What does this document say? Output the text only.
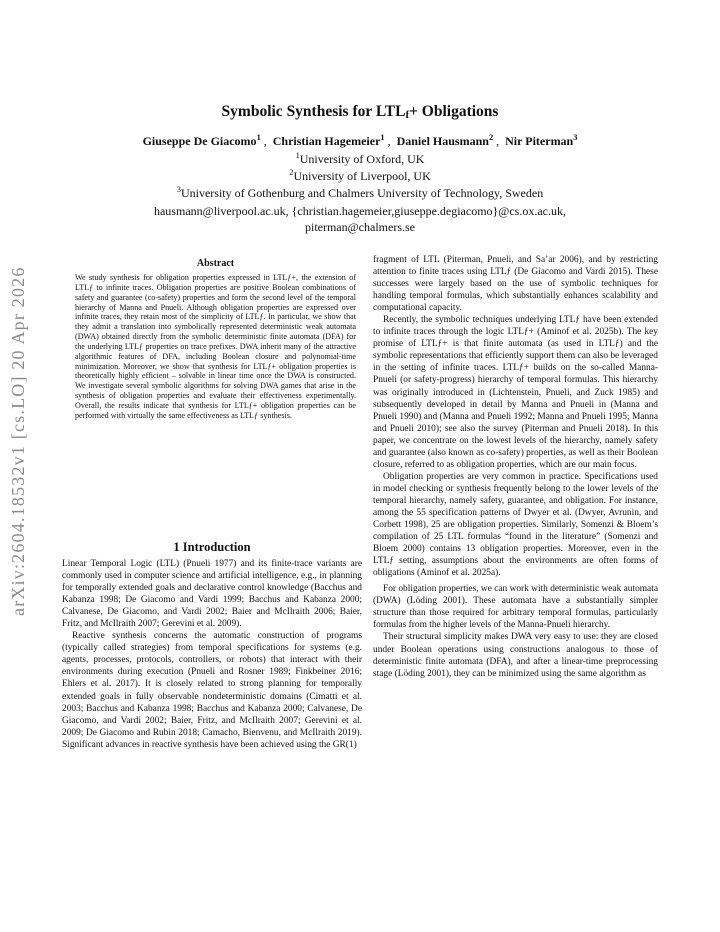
arXiv:2604.18532v1 [cs.LO] 20 Apr 2026
Symbolic Synthesis for $LTL_f+$ Obligations
Giuseppe De Giacomo$^1$ ,  Christian Hagemeier$^1$ ,  Daniel Hausmann$^2$ ,  Nir Piterman$^3$
$^1$University of Oxford, UK
$^2$University of Liverpool, UK
$^3$University of Gothenburg and Chalmers University of Technology, Sweden
hausmann@liverpool.ac.uk, {christian.hagemeier,giuseppe.degiacomo}@cs.ox.ac.uk,
piterman@chalmers.se
Abstract
We study synthesis for obligation properties expressed in LTLƒ+, the extension of LTLƒ to infinite traces. Obligation properties are positive Boolean combinations of safety and guarantee (co-safety) properties and form the second level of the temporal hierarchy of Manna and Pnueli. Although obligation properties are expressed over infinite traces, they retain most of the simplicity of LTLƒ. In particular, we show that they admit a translation into symbolically represented deterministic weak automata (DWA) obtained directly from the symbolic deterministic finite automata (DFA) for the underlying LTLƒ properties on trace prefixes. DWA inherit many of the attractive algorithmic features of DFA, including Boolean closure and polynomial-time minimization. Moreover, we show that synthesis for LTLƒ+ obligation properties is theoretically highly efficient – solvable in linear time once the DWA is constructed. We investigate several symbolic algorithms for solving DWA games that arise in the synthesis of obligation properties and evaluate their effectiveness experimentally. Overall, the results indicate that synthesis for LTLƒ+ obligation properties can be performed with virtually the same effectiveness as LTLƒ synthesis.
1 Introduction

Linear Temporal Logic (LTL) (Pnueli 1977) and its finite-trace variants are commonly used in computer science and artificial intelligence, e.g., in planning for temporally extended goals and declarative control knowledge (Bacchus and Kabanza 1998; De Giacomo and Vardi 1999; Bacchus and Kabanza 2000; Calvanese, De Giacomo, and Vardi 2002; Baier and McIlraith 2006; Baier, Fritz, and McIlraith 2007; Gerevini et al. 2009).

Reactive synthesis concerns the automatic construction of programs (typically called strategies) from temporal specifications for systems (e.g. agents, processes, protocols, controllers, or robots) that interact with their environments during execution (Pnueli and Rosner 1989; Finkbeiner 2016; Ehlers et al. 2017). It is closely related to strong planning for temporally extended goals in fully observable nondeterministic domains (Cimatti et al. 2003; Bacchus and Kabanza 1998; Bacchus and Kabanza 2000; Calvanese, De Giacomo, and Vardi 2002; Baier, Fritz, and McIlraith 2007; Gerevini et al. 2009; De Giacomo and Rubin 2018; Camacho, Bienvenu, and McIlraith 2019). Significant advances in reactive synthesis have been achieved using the GR(1)

fragment of LTL (Piterman, Pnueli, and Sa’ar 2006), and by restricting attention to finite traces using LTLƒ (De Giacomo and Vardi 2015). These successes were largely based on the use of symbolic techniques for handling temporal formulas, which substantially enhances scalability and computational capacity.

Recently, the symbolic techniques underlying LTLƒ have been extended to infinite traces through the logic LTLƒ+ (Aminof et al. 2025b). The key promise of LTLƒ+ is that finite automata (as used in LTLƒ) and the symbolic representations that efficiently support them can also be leveraged in the setting of infinite traces. LTLƒ+ builds on the so-called Manna-Pnueli (or safety-progress) hierarchy of temporal formulas. This hierarchy was originally introduced in (Lichtenstein, Pnueli, and Zuck 1985) and subsequently developed in detail by Manna and Pnueli in (Manna and Pnueli 1990) and (Manna and Pnueli 1992; Manna and Pnueli 1995; Manna and Pnueli 2010); see also the survey (Piterman and Pnueli 2018). In this paper, we concentrate on the lowest levels of the hierarchy, namely safety and guarantee (also known as co-safety) properties, as well as their Boolean closure, referred to as obligation properties, which are our main focus.

Obligation properties are very common in practice. Specifications used in model checking or synthesis frequently belong to the lower levels of the temporal hierarchy, namely safety, guarantee, and obligation. For instance, among the 55 specification patterns of Dwyer et al. (Dwyer, Avrunin, and Corbett 1998), 25 are obligation properties. Similarly, Somenzi & Bloem’s compilation of 25 LTL formulas “found in the literature” (Somenzi and Bloem 2000) contains 13 obligation properties. Moreover, even in the LTLƒ setting, assumptions about the environments are often forms of obligations (Aminof et al. 2025a).

For obligation properties, we can work with deterministic weak automata (DWA) (Löding 2001). These automata have a substantially simpler structure than those required for arbitrary temporal formulas, particularly formulas from the higher levels of the Manna-Pnueli hierarchy.

Their structural simplicity makes DWA very easy to use: they are closed under Boolean operations using constructions analogous to those of deterministic finite automata (DFA), and after a linear-time preprocessing stage (Löding 2001), they can be minimized using the same algorithm as
